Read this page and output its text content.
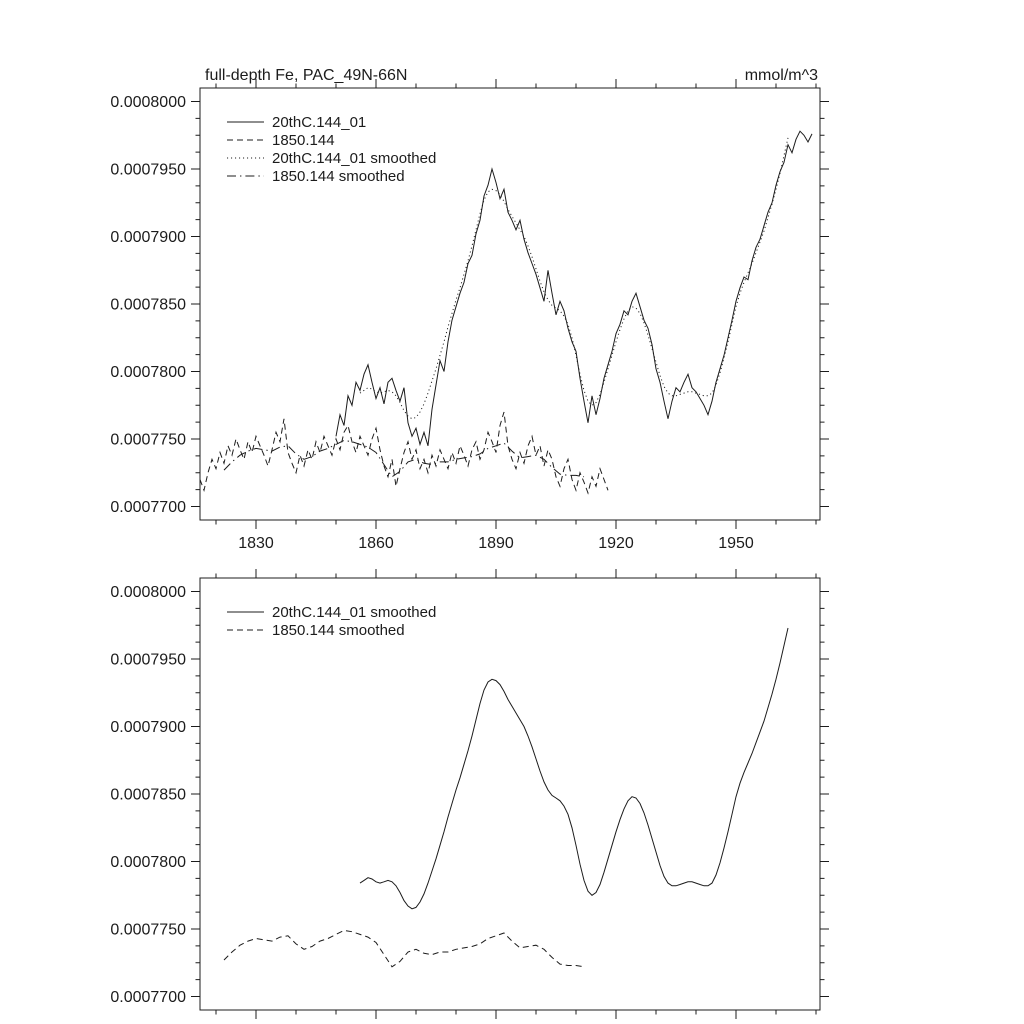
full-depth Fe, PAC_49N-66N	mmol/m^3
0.0007700
0.0007750
0.0007800
0.0007850
0.0007900
0.0007950
0.0008000
1830	1860	1890	1920	1950
20thC.144_01
1850.144
20thC.144_01 smoothed
1850.144 smoothed
0.0007700
0.0007750
0.0007800
0.0007850
0.0007900
0.0007950
0.0008000
20thC.144_01 smoothed
1850.144 smoothed
